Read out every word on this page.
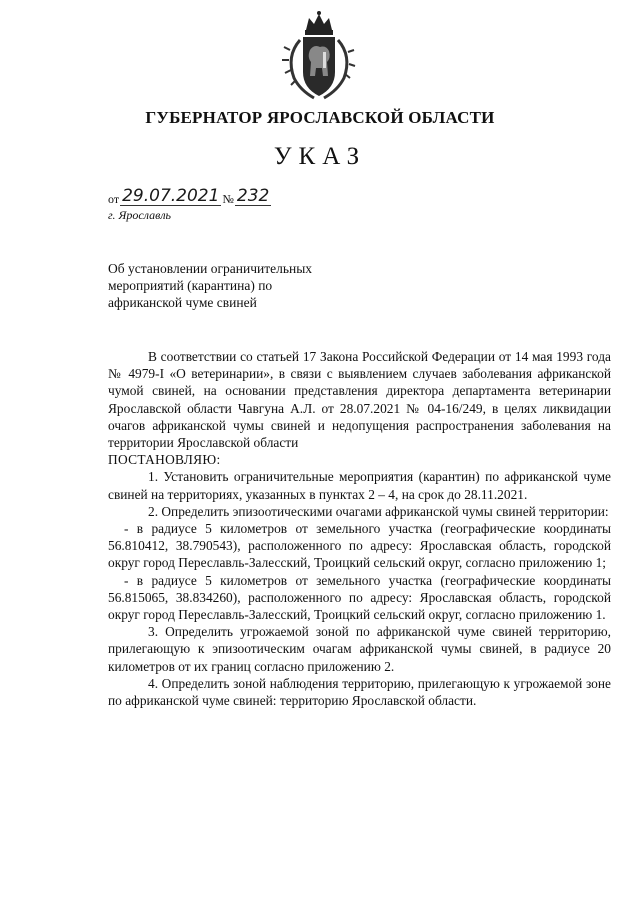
ГУБЕРНАТОР ЯРОСЛАВСКОЙ ОБЛАСТИ
УКАЗ
от 29.07.2021 № 232
г. Ярославль
Об установлении ограничительных
мероприятий (карантина) по
африканской чуме свиней

В соответствии со статьей 17 Закона Российской Федерации от 14 мая 1993 года № 4979-I «О ветеринарии», в связи с выявлением случаев заболевания африканской чумой свиней, на основании представления директора департамента ветеринарии Ярославской области Чавгуна А.Л. от 28.07.2021 № 04-16/249, в целях ликвидации очагов африканской чумы свиней и недопущения распространения заболевания на территории Ярославской области

ПОСТАНОВЛЯЮ:

1. Установить ограничительные мероприятия (карантин) по африканской чуме свиней на территориях, указанных в пунктах 2 – 4, на срок до 28.11.2021.

2. Определить эпизоотическими очагами африканской чумы свиней территории:

- в радиусе 5 километров от земельного участка (географические координаты 56.810412, 38.790543), расположенного по адресу: Ярославская область, городской округ город Переславль-Залесский, Троицкий сельский округ, согласно приложению 1;

- в радиусе 5 километров от земельного участка (географические координаты 56.815065, 38.834260), расположенного по адресу: Ярославская область, городской округ город Переславль-Залесский, Троицкий сельский округ, согласно приложению 1.

3. Определить угрожаемой зоной по африканской чуме свиней территорию, прилегающую к эпизоотическим очагам африканской чумы свиней, в радиусе 20 километров от их границ согласно приложению 2.

4. Определить зоной наблюдения территорию, прилегающую к угрожаемой зоне по африканской чуме свиней: территорию Ярославской области.
